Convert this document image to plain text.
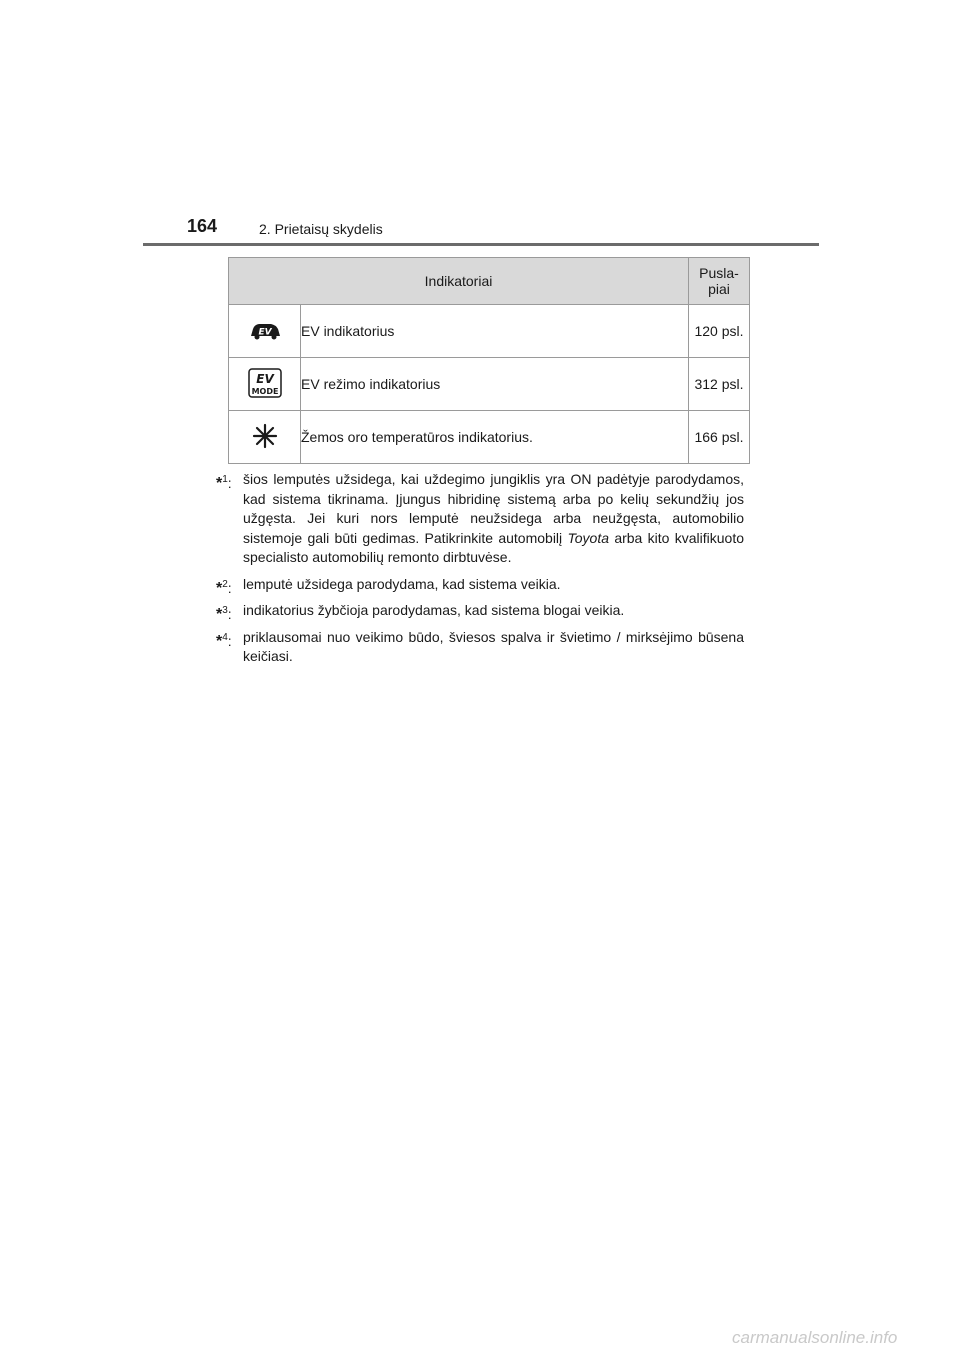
164	2. Prietaisų skydelis
Indikatoriai		Pusla-
piai

EV	EV indikatorius	120 psl.

EV
MODE	EV režimo indikatorius	312 psl.
	Žemos oro temperatūros indikatorius.	166 psl.
*$^1$: šios lemputės užsidega, kai uždegimo jungiklis yra ON padėtyje parodydamos, kad sistema tikrinama. Įjungus hibridinę sistemą arba po kelių sekundžių jos užgęsta. Jei kuri nors lemputė neužsidega arba neužgęsta, automobilio sistemoje gali būti gedimas. Patikrinkite automobilį Toyota arba kito kvalifikuoto specialisto automobilių remonto dirbtuvėse.
*$^2$: lemputė užsidega parodydama, kad sistema veikia.
*$^3$: indikatorius žybčioja parodydamas, kad sistema blogai veikia.
*$^4$: priklausomai nuo veikimo būdo, šviesos spalva ir švietimo / mirksėjimo būsena keičiasi.
carmanualsonline.info
